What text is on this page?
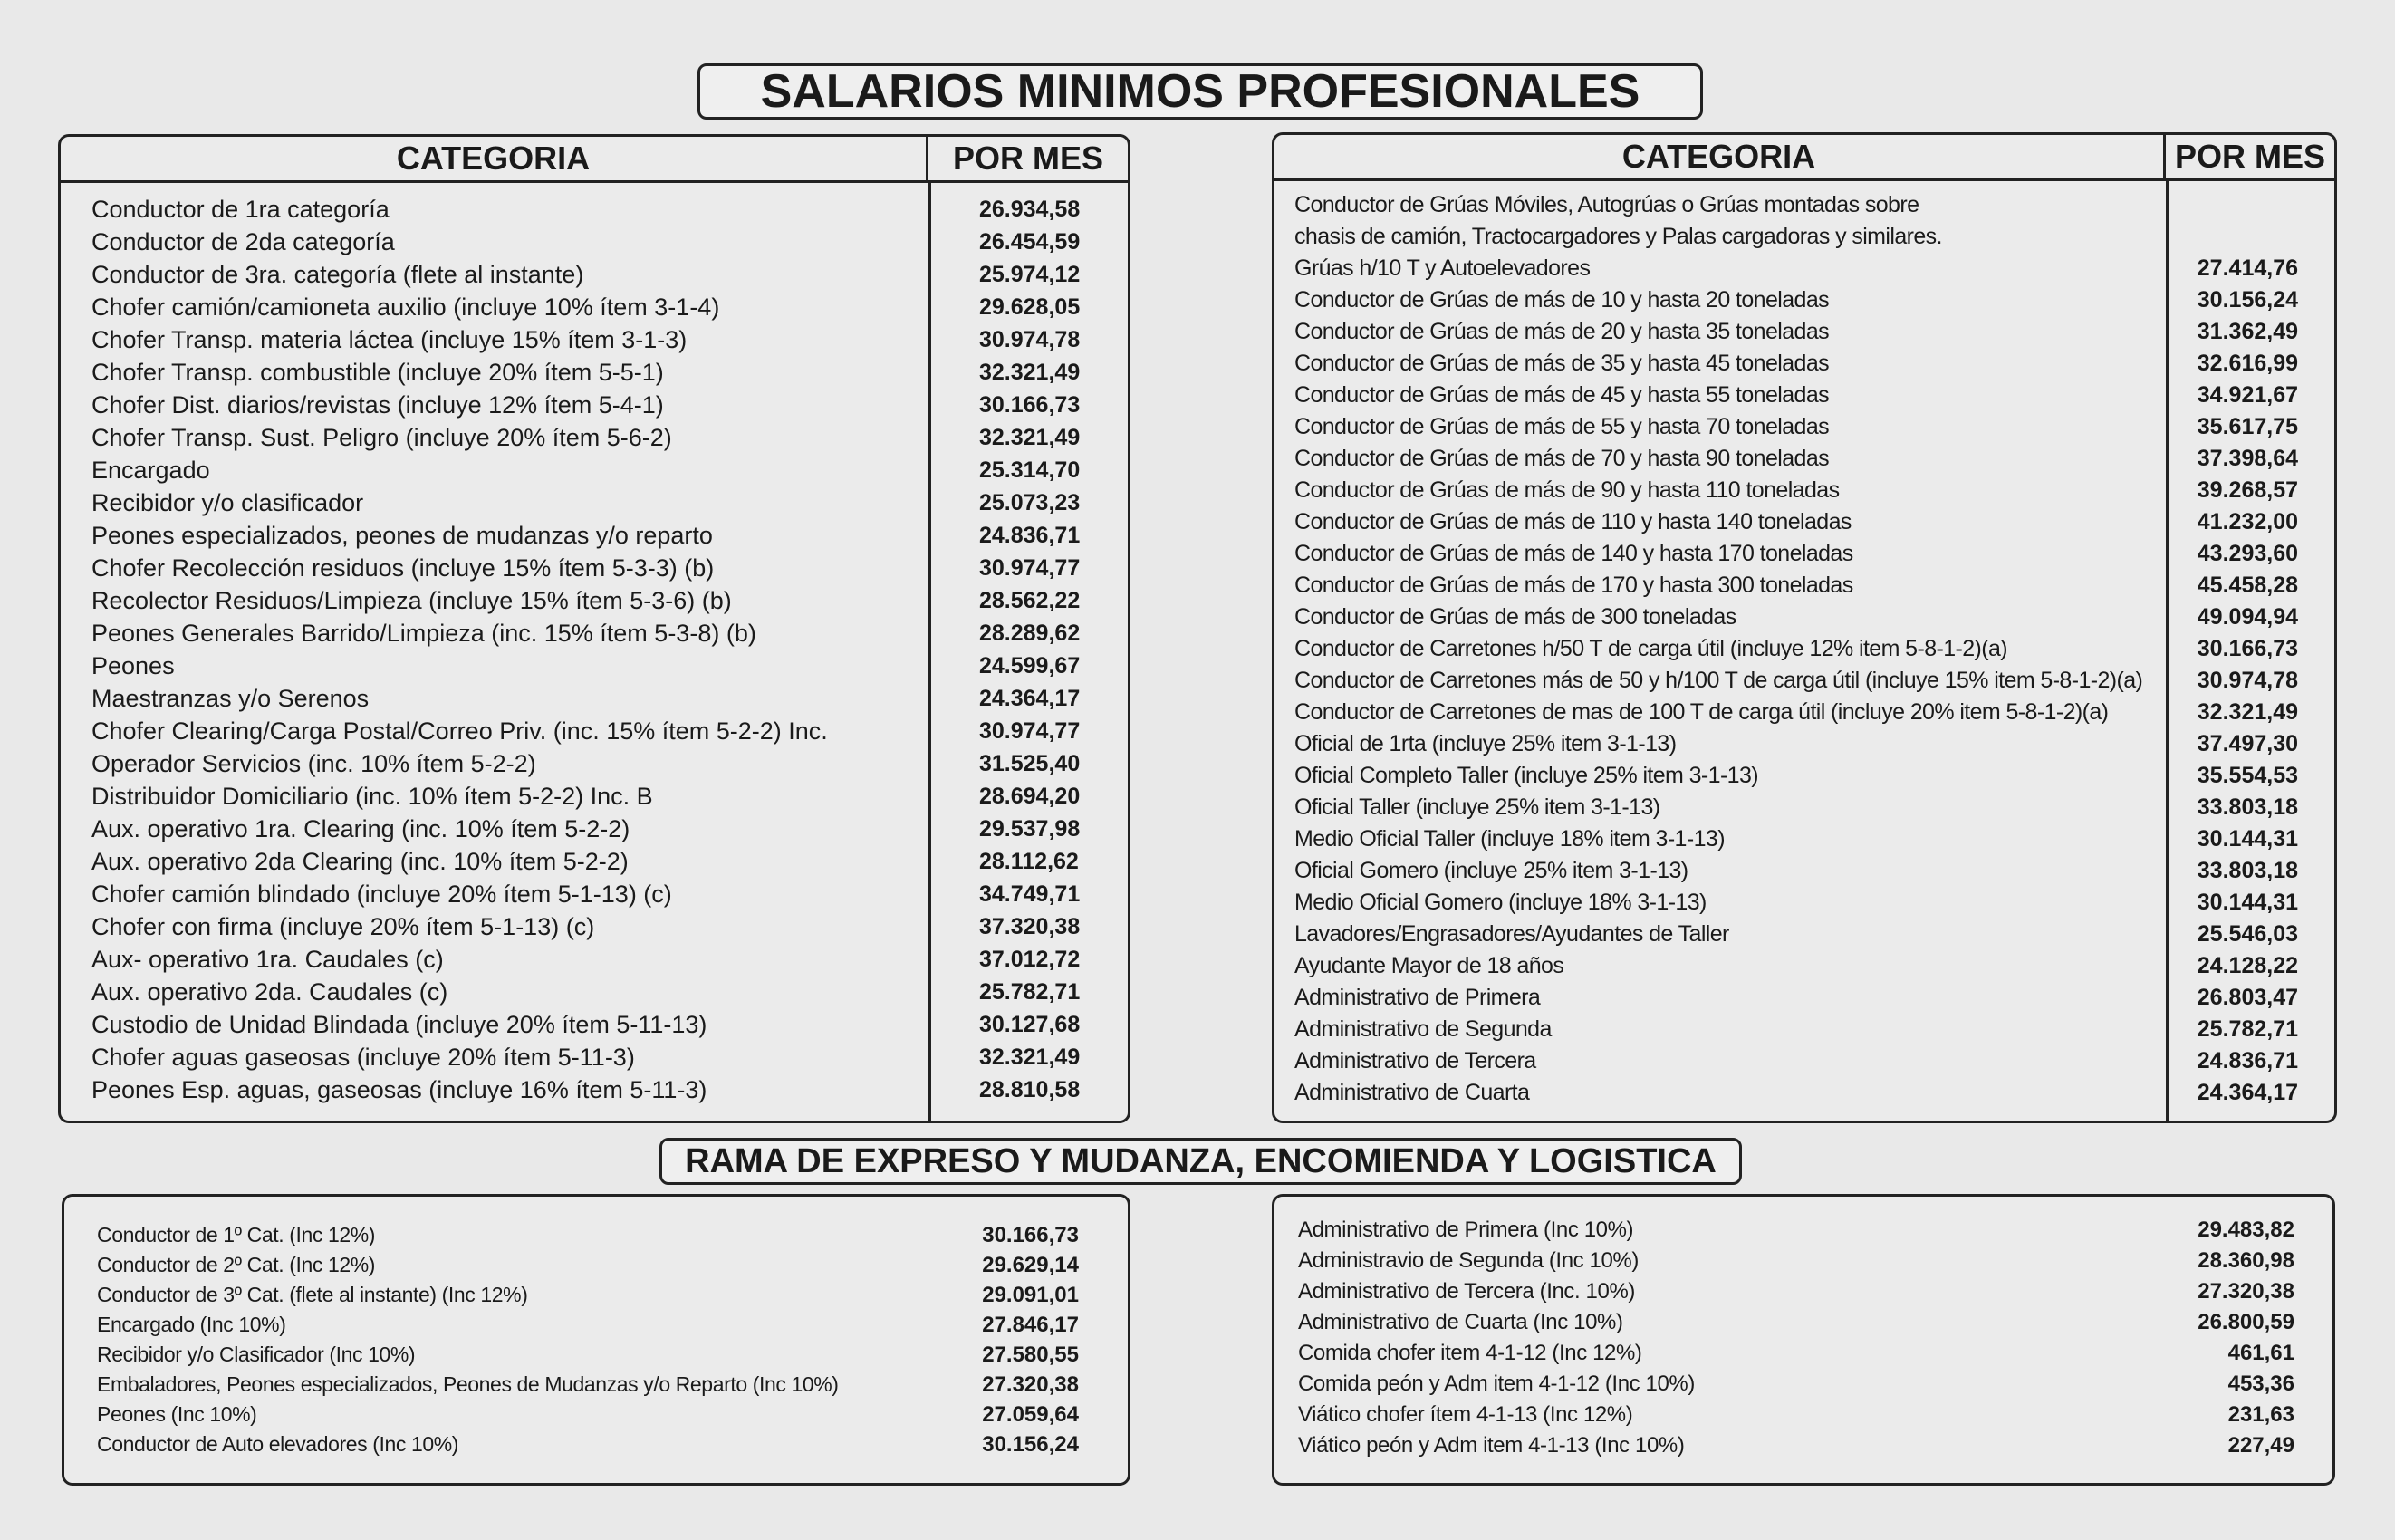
SALARIOS MINIMOS PROFESIONALES
CATEGORIA	POR MES
Conductor de 1ra categoría	26.934,58
Conductor de 2da categoría	26.454,59
Conductor de 3ra. categoría (flete al instante)	25.974,12
Chofer camión/camioneta auxilio (incluye 10% ítem 3-1-4)	29.628,05
Chofer Transp. materia láctea (incluye 15% ítem 3-1-3)	30.974,78
Chofer Transp. combustible (incluye 20% ítem 5-5-1)	32.321,49
Chofer Dist. diarios/revistas (incluye 12% ítem 5-4-1)	30.166,73
Chofer Transp. Sust. Peligro (incluye 20% ítem 5-6-2)	32.321,49
Encargado	25.314,70
Recibidor y/o clasificador	25.073,23
Peones especializados, peones de mudanzas y/o reparto	24.836,71
Chofer Recolección residuos (incluye 15% ítem 5-3-3) (b)	30.974,77
Recolector Residuos/Limpieza (incluye 15% ítem 5-3-6) (b)	28.562,22
Peones Generales Barrido/Limpieza (inc. 15% ítem 5-3-8) (b)	28.289,62
Peones	24.599,67
Maestranzas y/o Serenos	24.364,17
Chofer Clearing/Carga Postal/Correo Priv. (inc. 15% ítem 5-2-2) Inc.	30.974,77
Operador Servicios (inc. 10% ítem 5-2-2)	31.525,40
Distribuidor Domiciliario (inc. 10% ítem 5-2-2) Inc. B	28.694,20
Aux. operativo 1ra. Clearing (inc. 10% ítem 5-2-2)	29.537,98
Aux. operativo 2da Clearing (inc. 10% ítem 5-2-2)	28.112,62
Chofer camión blindado (incluye 20% ítem 5-1-13) (c)	34.749,71
Chofer con firma (incluye 20% ítem 5-1-13) (c)	37.320,38
Aux- operativo 1ra. Caudales (c)	37.012,72
Aux. operativo 2da. Caudales (c)	25.782,71
Custodio de Unidad Blindada (incluye 20% ítem 5-11-13)	30.127,68
Chofer aguas gaseosas (incluye 20% ítem 5-11-3)	32.321,49
Peones Esp. aguas, gaseosas (incluye 16% ítem 5-11-3)	28.810,58
CATEGORIA	POR MES
Conductor de Grúas Móviles, Autogrúas o Grúas montadas sobre
chasis de camión, Tractocargadores y Palas cargadoras y similares.
Grúas h/10 T y Autoelevadores	27.414,76
Conductor de Grúas de más de 10 y hasta 20 toneladas	30.156,24
Conductor de Grúas de más de 20 y hasta 35 toneladas	31.362,49
Conductor de Grúas de más de 35 y hasta 45 toneladas	32.616,99
Conductor de Grúas de más de 45 y hasta 55 toneladas	34.921,67
Conductor de Grúas de más de 55 y hasta 70 toneladas	35.617,75
Conductor de Grúas de más de 70 y hasta 90 toneladas	37.398,64
Conductor de Grúas de más de 90 y hasta 110 toneladas	39.268,57
Conductor de Grúas de más de 110 y hasta 140 toneladas	41.232,00
Conductor de Grúas de más de 140 y hasta 170 toneladas	43.293,60
Conductor de Grúas de más de 170 y hasta 300 toneladas	45.458,28
Conductor de Grúas de más de 300 toneladas	49.094,94
Conductor de Carretones h/50 T de carga útil (incluye 12% item 5-8-1-2)(a)	30.166,73
Conductor de Carretones más de 50 y h/100 T de carga útil (incluye 15% item 5-8-1-2)(a)	30.974,78
Conductor de Carretones de mas de 100 T de carga útil (incluye 20% item 5-8-1-2)(a)	32.321,49
Oficial de 1rta (incluye 25% item 3-1-13)	37.497,30
Oficial Completo Taller (incluye 25% item 3-1-13)	35.554,53
Oficial Taller (incluye 25% item 3-1-13)	33.803,18
Medio Oficial Taller (incluye 18% item 3-1-13)	30.144,31
Oficial Gomero (incluye 25% item 3-1-13)	33.803,18
Medio Oficial Gomero (incluye 18% 3-1-13)	30.144,31
Lavadores/Engrasadores/Ayudantes de Taller	25.546,03
Ayudante Mayor de 18 años	24.128,22
Administrativo de Primera	26.803,47
Administrativo de Segunda	25.782,71
Administrativo de Tercera	24.836,71
Administrativo de Cuarta	24.364,17
RAMA DE EXPRESO Y MUDANZA, ENCOMIENDA Y LOGISTICA
Conductor de 1º Cat. (Inc 12%)	30.166,73
Conductor de 2º Cat. (Inc 12%)	29.629,14
Conductor de 3º Cat. (flete al instante) (Inc 12%)	29.091,01
Encargado (Inc 10%)	27.846,17
Recibidor y/o Clasificador (Inc 10%)	27.580,55
Embaladores, Peones especializados, Peones de Mudanzas y/o Reparto (Inc 10%)	27.320,38
Peones (Inc 10%)	27.059,64
Conductor de Auto elevadores (Inc 10%)	30.156,24
Administrativo de Primera (Inc 10%)	29.483,82
Administravio de Segunda (Inc 10%)	28.360,98
Administrativo de Tercera (Inc. 10%)	27.320,38
Administrativo de Cuarta (Inc 10%)	26.800,59
Comida chofer item 4-1-12 (Inc 12%)	461,61
Comida peón y Adm item 4-1-12 (Inc 10%)	453,36
Viático chofer ítem 4-1-13 (Inc 12%)	231,63
Viático peón y Adm item 4-1-13 (Inc 10%)	227,49
